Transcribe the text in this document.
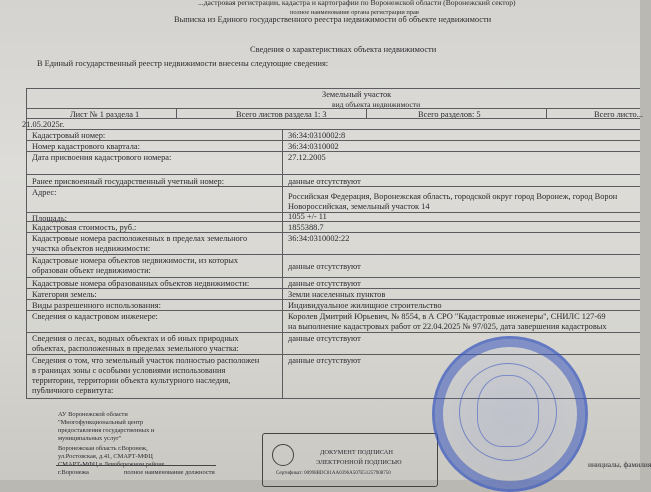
...дастровая регистрации, кадастра и картографии по Воронежской области (Воронежский сектор)
полное наименование органа регистрации прав
Выписка из Единого государственного реестра недвижимости об объекте недвижимости
Сведения о характеристиках объекта недвижимости
В Единый государственный реестр недвижимости внесены следующие сведения:
Земельный участок
вид объекта недвижимости
Лист № 1 раздела 1	Всего листов раздела 1: 3	Всего разделов: 5	Всего листо...
21.05.2025г.
Кадастровый номер:	36:34:0310002:8
Номер кадастрового квартала:	36:34:0310002
Дата присвоения кадастрового номера:	27.12.2005
Ранее присвоенный государственный учетный номер:	данные отсутствуют
Адрес:	Российская Федерация, Воронежская область, городской округ город Воронеж, город Ворон
Новороссийская, земельный участок 14
Площадь:	1055 +/- 11
Кадастровая стоимость, руб.:	1855388.7
Кадастровые номера расположенных в пределах земельного
участка объектов недвижимости:
36:34:0310002:22
Кадастровые номера объектов недвижимости, из которых
образован объект недвижимости:	данные отсутствуют
Кадастровые номера образованных объектов недвижимости:	данные отсутствуют
Категория земель:	Земли населенных пунктов
Виды разрешенного использования:	Индивидуальное жилищное строительство
Сведения о кадастровом инженере:	Королев Дмитрий Юрьевич, № 8554, в А СРО "Кадастровые инженеры", СНИЛС 127-69
на выполнение кадастровых работ от 22.04.2025 № 97/025, дата завершения кадастровых
Сведения о лесах, водных объектах и об иных природных
объектах, расположенных в пределах земельного участка:
данные отсутствуют
Сведения о том, что земельный участок полностью расположен
в границах зоны с особыми условиями использования
территории, территории объекта культурного наследия,
публичного сервитута:
данные отсутствуют
АУ Воронежской области
"Многофункциональный центр
предоставления государственных и
муниципальных услуг"
Воронежская область г.Воронеж,
ул.Ростовская, д.41, СМАРТ-МФЦ
СМАРТ-МФЦ в Левобережном районе
г.Воронежа	полное наименование должности
ДОКУМЕНТ ПОДПИСАН
ЭЛЕКТРОННОЙ ПОДПИСЬЮ
Сертификат: 00998BDC81AA0396A507E51257908750
инициалы, фамилия
